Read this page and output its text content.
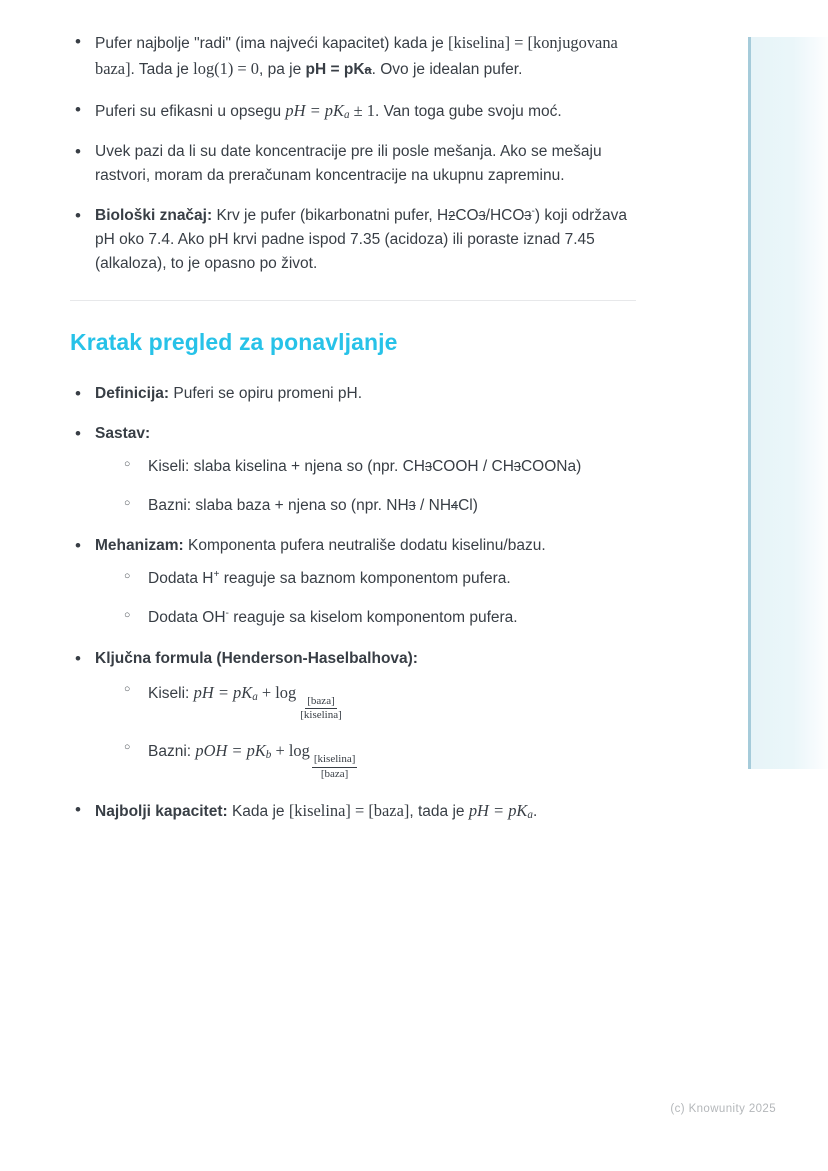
• Pufer najbolje "radi" (ima najveći kapacitet) kada je [kiselina] = [konjugovana baza]. Tada je log(1) = 0, pa je pH = pKa. Ovo je idealan pufer.
• Puferi su efikasni u opsegu pH = pKa ± 1. Van toga gube svoju moć.
• Uvek pazi da li su date koncentracije pre ili posle mešanja. Ako se mešaju rastvori, moram da preračunam koncentracije na ukupnu zapreminu.
• Biološki značaj: Krv je pufer (bikarbonatni pufer, H2CO3/HCO3-) koji održava pH oko 7.4. Ako pH krvi padne ispod 7.35 (acidoza) ili poraste iznad 7.45 (alkaloza), to je opasno po život.
Kratak pregled za ponavljanje
• Definicija: Puferi se opiru promeni pH.
• Sastav:
○ Kiseli: slaba kiselina + njena so (npr. CH3COOH / CH3COONa)
○ Bazni: slaba baza + njena so (npr. NH3 / NH4Cl)
• Mehanizam: Komponenta pufera neutrališe dodatu kiselinu/bazu.
○ Dodata H+ reaguje sa baznom komponentom pufera.
○ Dodata OH- reaguje sa kiselom komponentom pufera.
• Ključna formula (Henderson-Haselbalhova):
○ Kiseli: pH = pKa + log
$\frac{\text{[baza]}}{\text{[kiselina]}}$
○ Bazni: pOH = pKb + log
$\frac{\text{[kiselina]}}{\text{[baza]}}$
• Najbolji kapacitet: Kada je [kiselina] = [baza], tada je pH = pKa.
(c) Knowunity 2025
